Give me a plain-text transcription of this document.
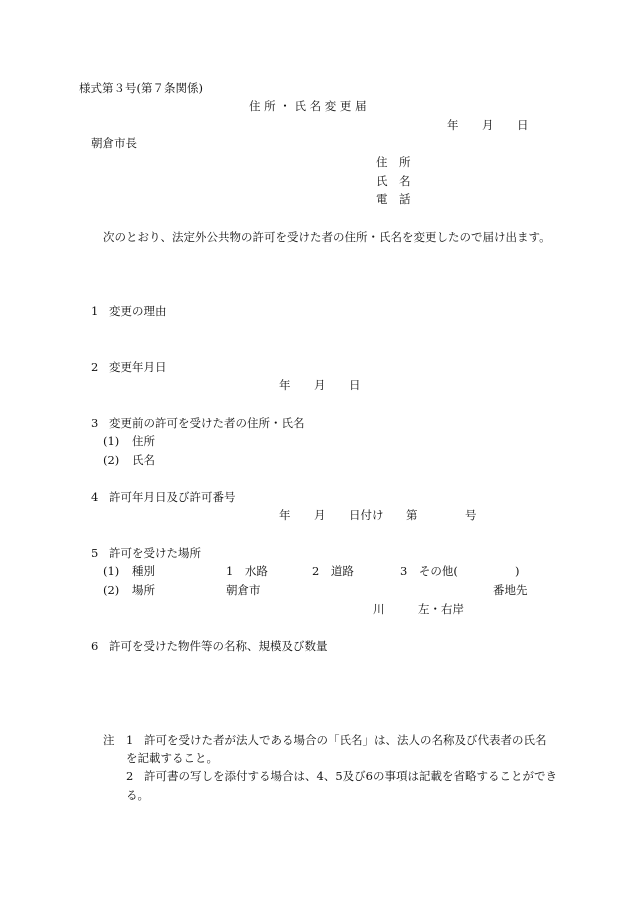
様式第３号(第７条関係)
住 所 ・ 氏 名 変 更 届
年 月 日
朝倉市長
住　所
氏　名
電　話
次のとおり、法定外公共物の許可を受けた者の住所・氏名を変更したので届け出ます。
1 変更の理由
2 変更年月日
年 月 日
3 変更前の許可を受けた者の住所・氏名
(1) 住所
(2) 氏名
4 許可年月日及び許可番号
年 月 日付け 第	号
5 許可を受けた場所
(1) 種別	1　水路	2　道路	3　その他(	)
(2) 場所	朝倉市	番地先
川	左・右岸
6 許可を受けた物件等の名称、規模及び数量
注 1 許可を受けた者が法人である場合の「氏名」は、法人の名称及び代表者の氏名
を記載すること。
2 許可書の写しを添付する場合は、4、5及び6の事項は記載を省略することができ
る。
